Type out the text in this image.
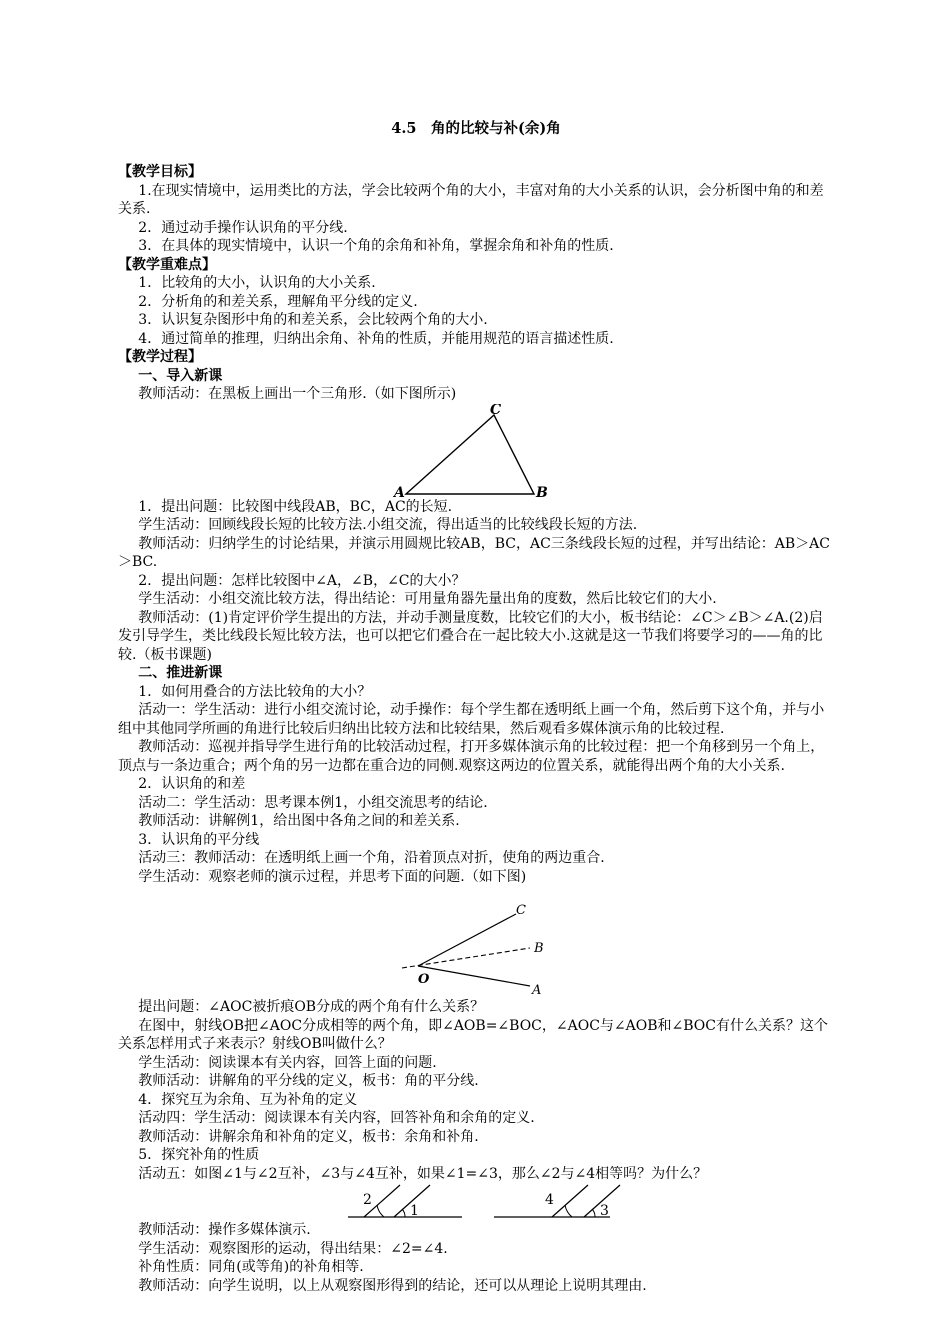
4.5　角的比较与补(余)角

【教学目标】

1.在现实情境中，运用类比的方法，学会比较两个角的大小，丰富对角的大小关系的认识，会分析图中角的和差关系.

2．通过动手操作认识角的平分线.

3．在具体的现实情境中，认识一个角的余角和补角，掌握余角和补角的性质.

【教学重难点】

1．比较角的大小，认识角的大小关系.

2．分析角的和差关系，理解角平分线的定义.

3．认识复杂图形中角的和差关系，会比较两个角的大小.

4．通过简单的推理，归纳出余角、补角的性质，并能用规范的语言描述性质.

【教学过程】

一、导入新课

教师活动：在黑板上画出一个三角形.（如下图所示)

C
A	B

1．提出问题：比较图中线段AB，BC，AC的长短.

学生活动：回顾线段长短的比较方法.小组交流，得出适当的比较线段长短的方法.

教师活动：归纳学生的讨论结果，并演示用圆规比较AB，BC，AC三条线段长短的过程，并写出结论：AB＞AC＞BC.

2．提出问题：怎样比较图中∠A，∠B，∠C的大小？

学生活动：小组交流比较方法，得出结论：可用量角器先量出角的度数，然后比较它们的大小.

教师活动：(1)肯定评价学生提出的方法，并动手测量度数，比较它们的大小，板书结论：∠C＞∠B＞∠A.(2)启发引导学生，类比线段长短比较方法，也可以把它们叠合在一起比较大小.这就是这一节我们将要学习的——角的比较.（板书课题)

二、推进新课

1．如何用叠合的方法比较角的大小？

活动一：学生活动：进行小组交流讨论，动手操作：每个学生都在透明纸上画一个角，然后剪下这个角，并与小组中其他同学所画的角进行比较后归纳出比较方法和比较结果，然后观看多媒体演示角的比较过程.

教师活动：巡视并指导学生进行角的比较活动过程，打开多媒体演示角的比较过程：把一个角移到另一个角上，顶点与一条边重合；两个角的另一边都在重合边的同侧.观察这两边的位置关系，就能得出两个角的大小关系.

2．认识角的和差

活动二：学生活动：思考课本例1，小组交流思考的结论.

教师活动：讲解例1，给出图中各角之间的和差关系.

3．认识角的平分线

活动三：教师活动：在透明纸上画一个角，沿着顶点对折，使角的两边重合.

学生活动：观察老师的演示过程，并思考下面的问题.（如下图)

C
B
O
A

提出问题：∠AOC被折痕OB分成的两个角有什么关系？

在图中，射线OB把∠AOC分成相等的两个角，即∠AOB=∠BOC，∠AOC与∠AOB和∠BOC有什么关系？这个关系怎样用式子来表示？射线OB叫做什么？

学生活动：阅读课本有关内容，回答上面的问题.

教师活动：讲解角的平分线的定义，板书：角的平分线.

4．探究互为余角、互为补角的定义

活动四：学生活动：阅读课本有关内容，回答补角和余角的定义.

教师活动：讲解余角和补角的定义，板书：余角和补角.

5．探究补角的性质

活动五：如图∠1与∠2互补，∠3与∠4互补，如果∠1=∠3，那么∠2与∠4相等吗？为什么？

2
1
4
3

教师活动：操作多媒体演示.

学生活动：观察图形的运动，得出结果：∠2=∠4.

补角性质：同角(或等角)的补角相等.

教师活动：向学生说明，以上从观察图形得到的结论，还可以从理论上说明其理由.
